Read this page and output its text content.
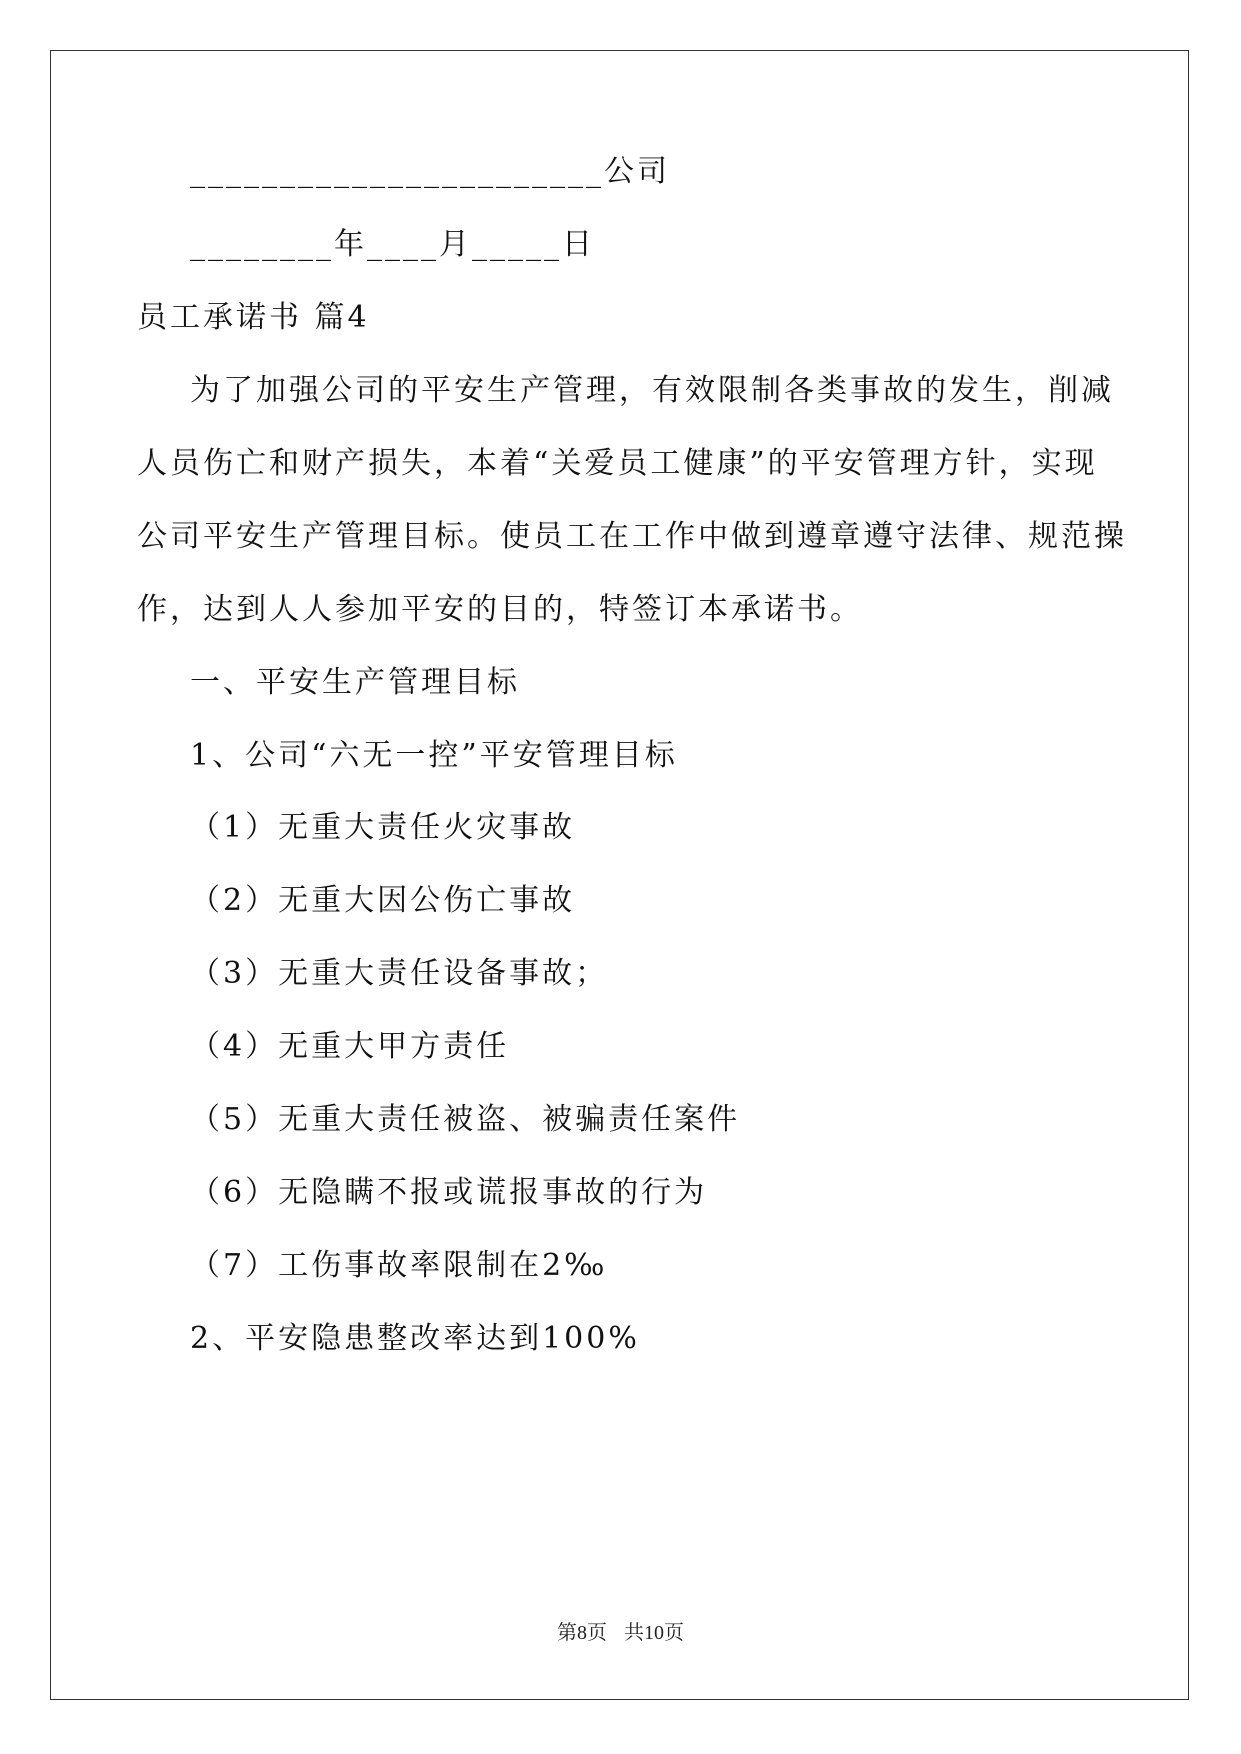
_______________________公司
________年____月_____日
员工承诺书 篇4
为了加强公司的平安生产管理，有效限制各类事故的发生，削减
人员伤亡和财产损失，本着“关爱员工健康”的平安管理方针，实现
公司平安生产管理目标。使员工在工作中做到遵章遵守法律、规范操
作，达到人人参加平安的目的，特签订本承诺书。
一、平安生产管理目标
1、公司“六无一控”平安管理目标
（1）无重大责任火灾事故
（2）无重大因公伤亡事故
（3）无重大责任设备事故；
（4）无重大甲方责任
（5）无重大责任被盗、被骗责任案件
（6）无隐瞒不报或谎报事故的行为
（7）工伤事故率限制在2‰
2、平安隐患整改率达到100%
第8页 共10页
